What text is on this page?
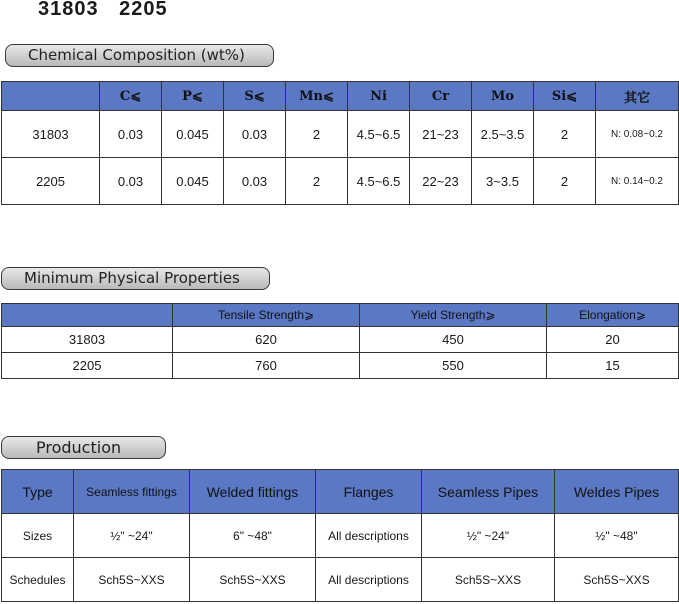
31803 2205
Chemical Composition (wt%)
	C⩽	P⩽	S⩽	Mn⩽	Ni	Cr	Mo	Si⩽	其它
31803	0.03	0.045	0.03	2	4.5~6.5	21~23	2.5~3.5	2	N: 0.08~0.2
2205	0.03	0.045	0.03	2	4.5~6.5	22~23	3~3.5	2	N: 0.14~0.2
Minimum Physical Properties
	Tensile Strength⩾	Yield Strength⩾	Elongation⩾
31803	620	450	20
2205	760	550	15
Production
Type	Seamless fittings	Welded fittings	Flanges	Seamless Pipes	Weldes Pipes
Sizes	½" ~24"	6" ~48"	All descriptions	½" ~24"	½" ~48"
Schedules	Sch5S~XXS	Sch5S~XXS	All descriptions	Sch5S~XXS	Sch5S~XXS
